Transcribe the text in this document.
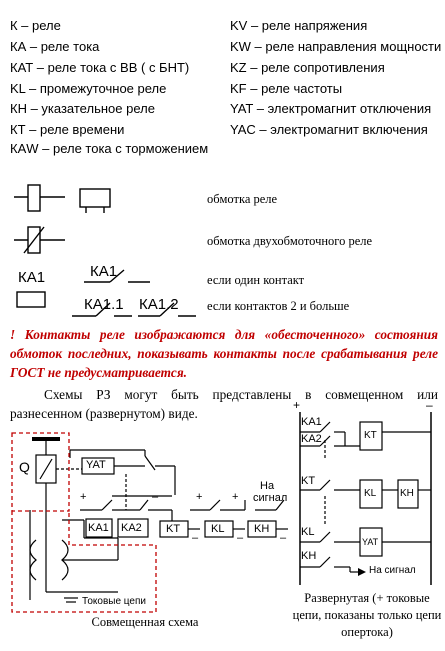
К – реле
КА – реле тока
КАТ – реле тока с ВВ ( с БНТ)
KL – промежуточное реле
КН – указательное реле
КТ – реле времени
КАW – реле тока с торможением
KV – реле напряжения
KW – реле направления мощности
KZ – реле сопротивления
KF – реле частоты
YAT – электромагнит отключения
YAC – электромагнит включения
КА1	КА1
КА1.1 КА1.2
обмотка реле
обмотка двухобмоточного реле
если один контакт
если контактов 2 и больше
! Контакты реле изображаются для «обесточенного» состояния обмоток последних, показывать контакты после срабатывания реле ГОСТ не предусматривается.
Схемы РЗ могут быть представлены в совмещенном или разнесенном (развернутом) виде.
Q	YAT
KA1 KA2 KT	KL	KH
На
сигнал
Токовые цепи
+	–	+	+
–	–	–
Совмещенная схема
KA1
KA2
KT
KL
KH
KT
KL KH
YAT
На сигнал
+	–
Развернутая (+ токовые цепи, показаны только цепи опертока)
